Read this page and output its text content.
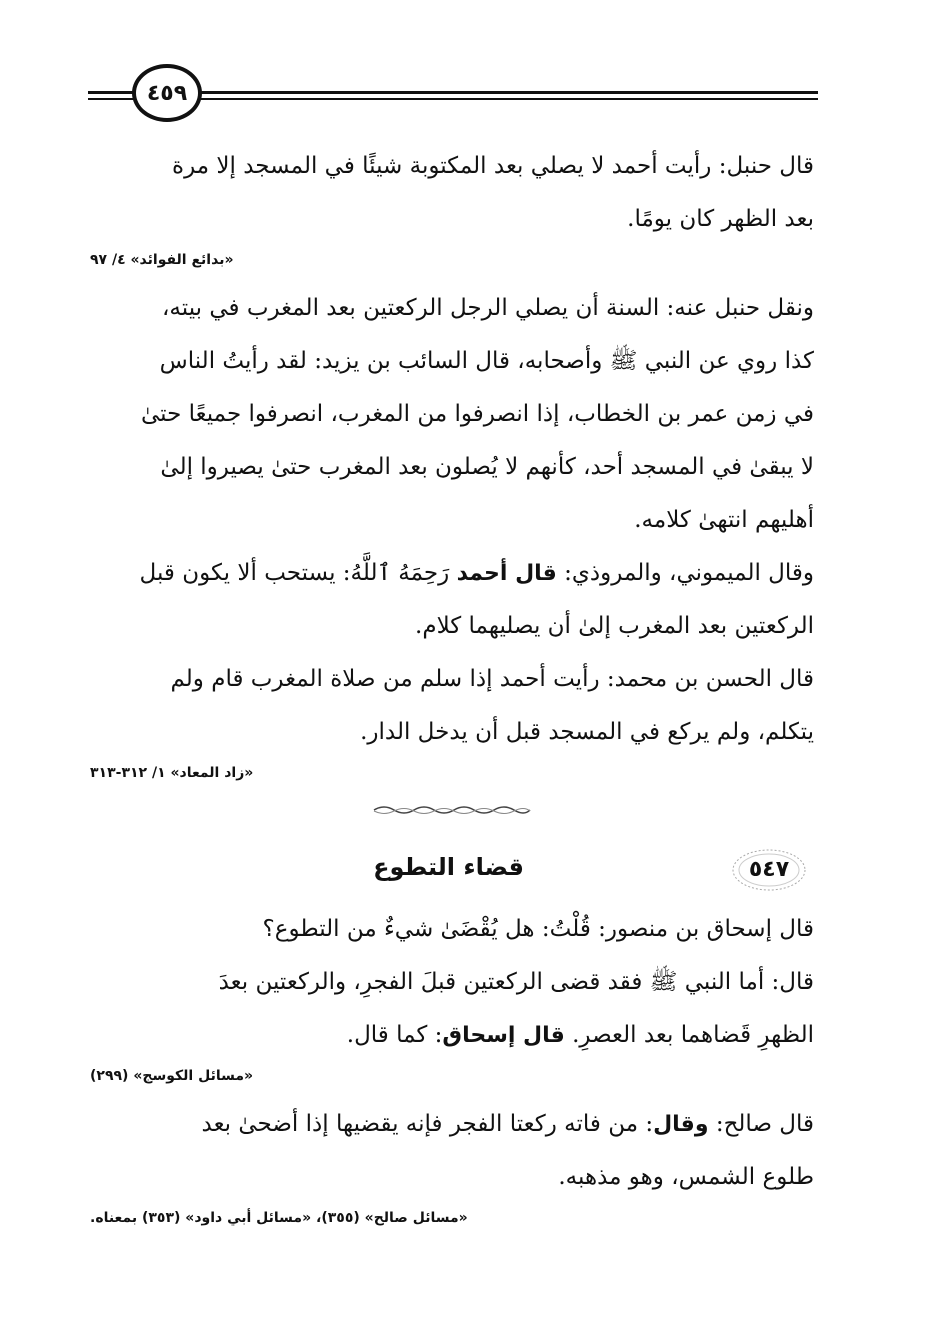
٤٥٩

قال حنبل: رأيت أحمد لا يصلي بعد المكتوبة شيئًا في المسجد إلا مرة
بعد الظهر كان يومًا.

«بدائع الفوائد» ٤/ ٩٧

ونقل حنبل عنه: السنة أن يصلي الرجل الركعتين بعد المغرب في بيته،
كذا روي عن النبي ﷺ وأصحابه، قال السائب بن يزيد: لقد رأيتُ الناس
في زمن عمر بن الخطاب، إذا انصرفوا من المغرب، انصرفوا جميعًا حتىٰ
لا يبقىٰ في المسجد أحد، كأنهم لا يُصلون بعد المغرب حتىٰ يصيروا إلىٰ
أهليهم انتهىٰ كلامه.

وقال الميموني، والمروذي: قال أحمد رَحِمَهُ ٱللَّهُ: يستحب ألا يكون قبل
الركعتين بعد المغرب إلىٰ أن يصليهما كلام.

قال الحسن بن محمد: رأيت أحمد إذا سلم من صلاة المغرب قام ولم
يتكلم، ولم يركع في المسجد قبل أن يدخل الدار.

«زاد المعاد» ١/ ٣١٢-٣١٣
قضاء التطوع	٥٤٧

قال إسحاق بن منصور: قُلْتُ: هل يُقْضَىٰ شيءٌ من التطوع؟

قال: أما النبي ﷺ فقد قضى الركعتين قبلَ الفجرِ، والركعتين بعدَ
الظهرِ قَضاهما بعد العصرِ. قال إسحاق: كما قال.

«مسائل الكوسج» (٢٩٩)

قال صالح: وقال: من فاته ركعتا الفجر فإنه يقضيها إذا أضحىٰ بعد
طلوع الشمس، وهو مذهبه.

«مسائل صالح» (٣٥٥)، «مسائل أبي داود» (٣٥٣) بمعناه.
